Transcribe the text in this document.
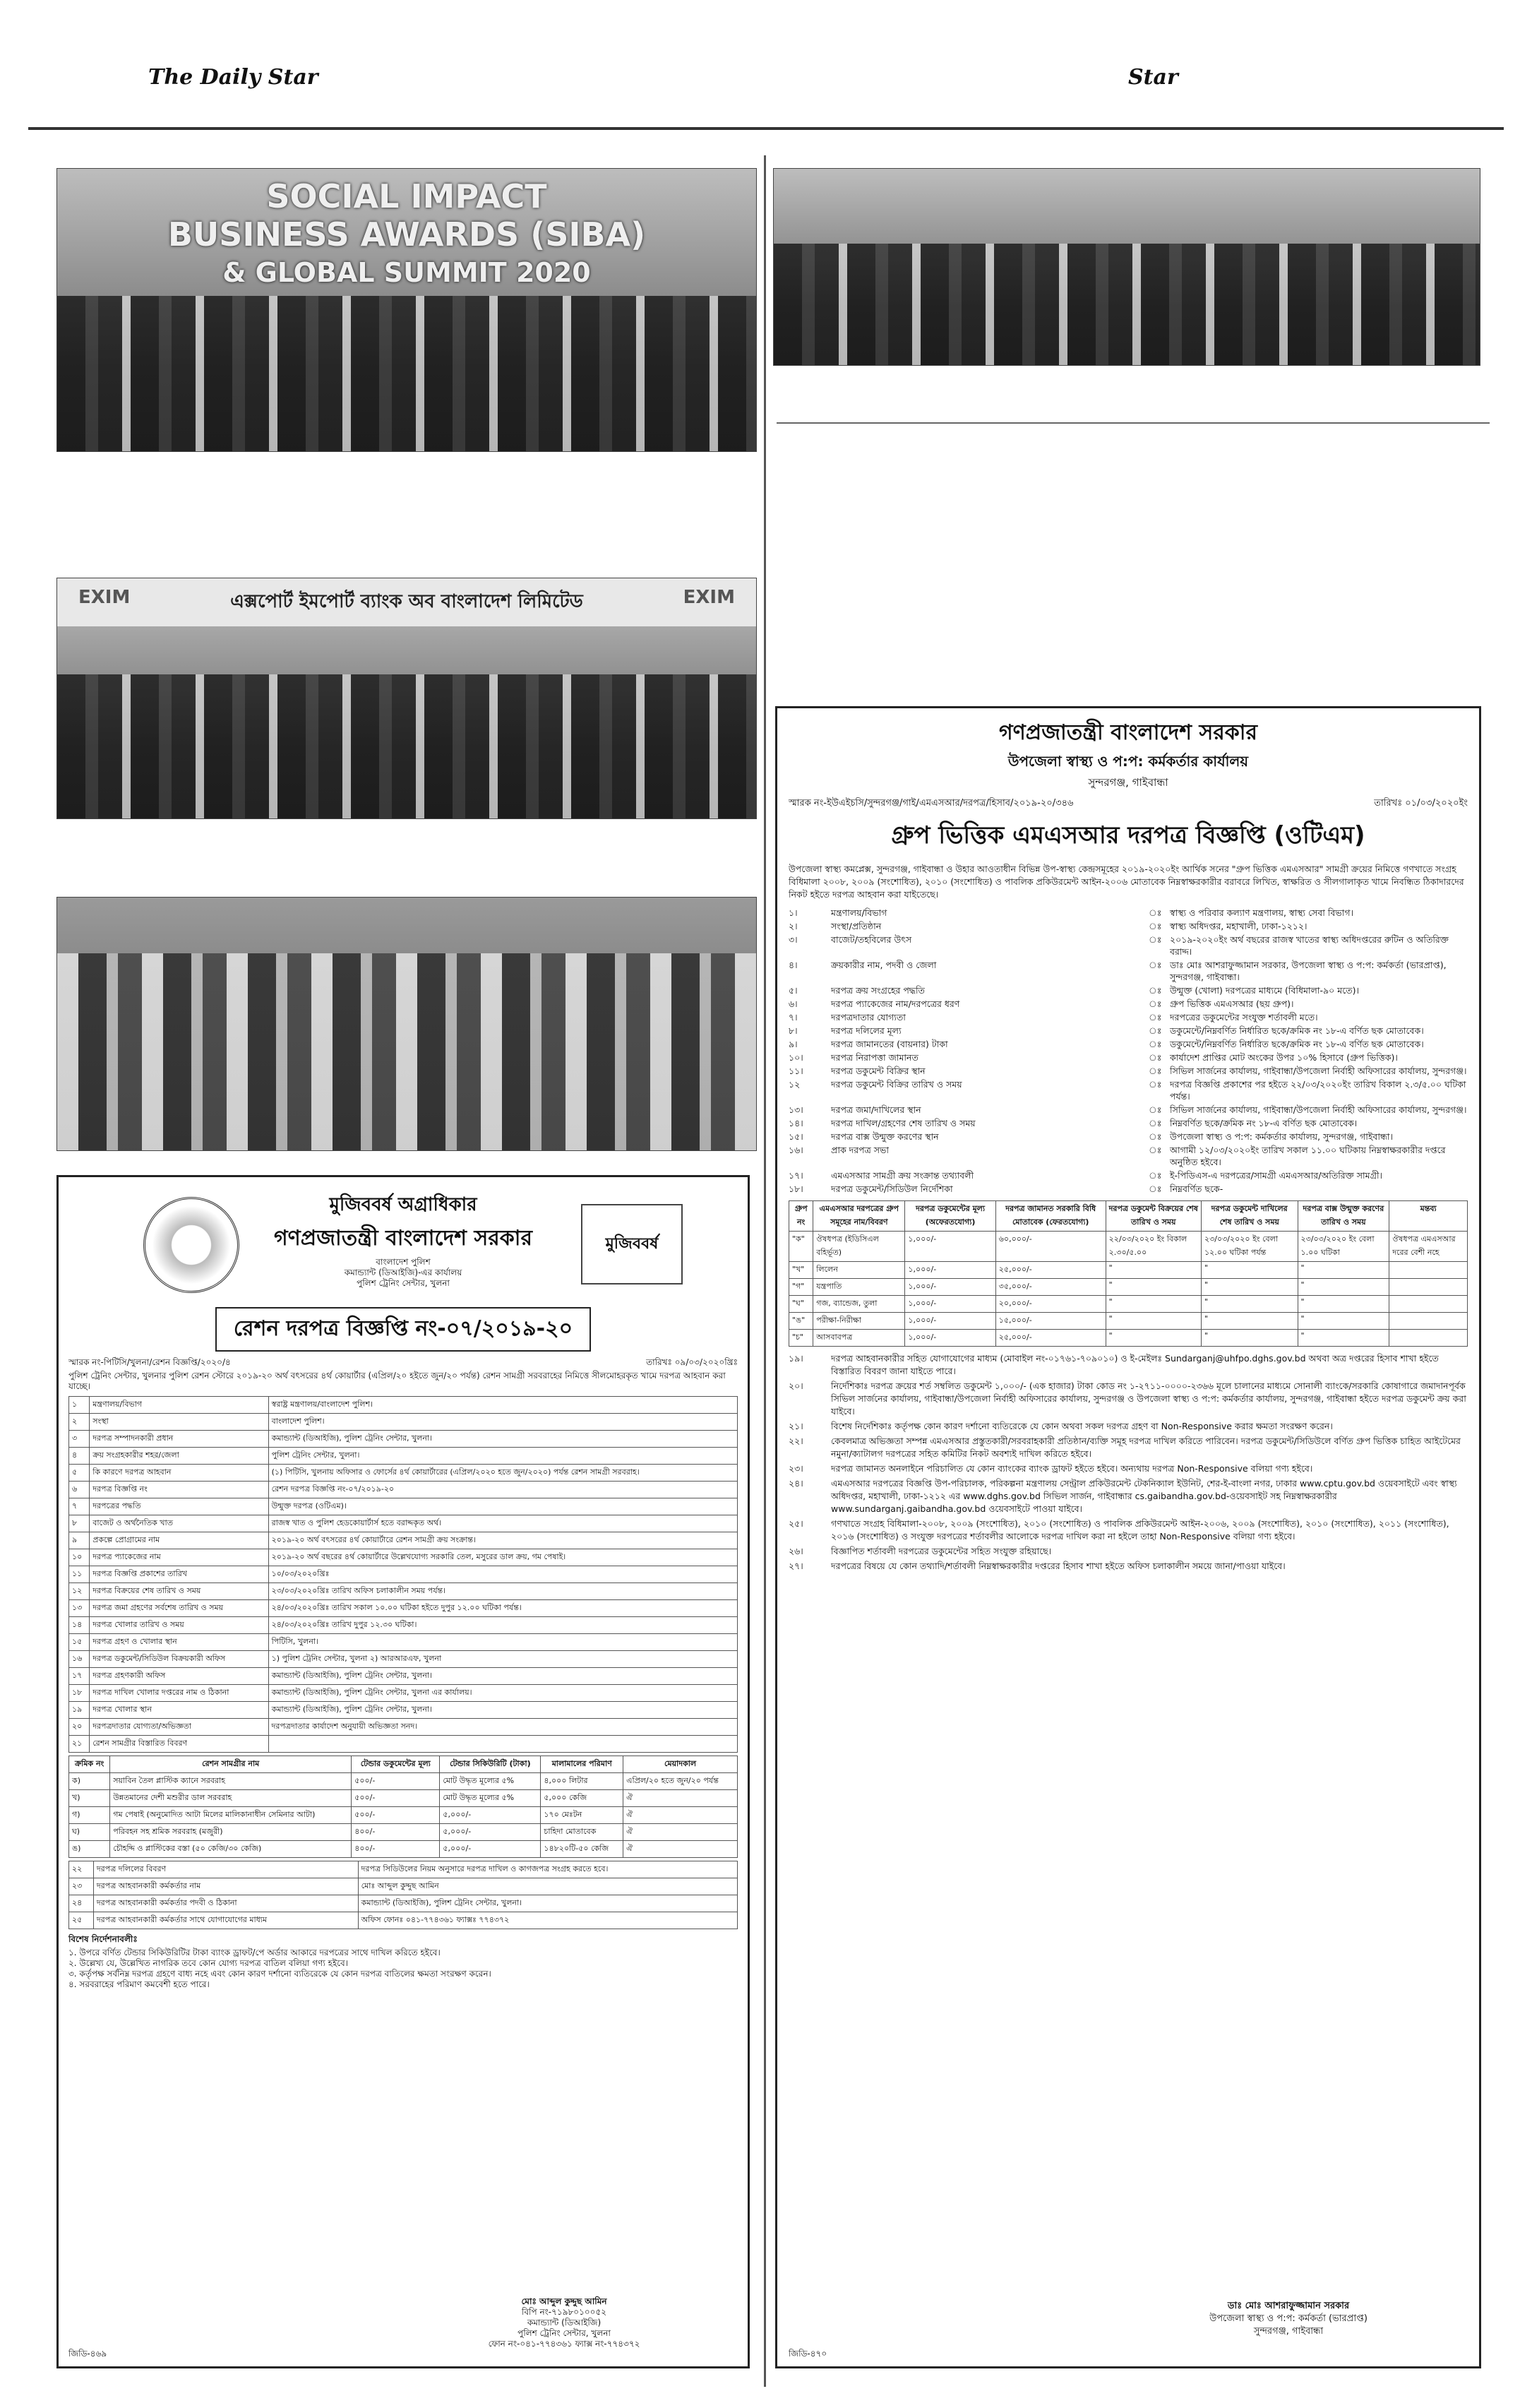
The Daily Star	Star
SOCIAL IMPACT
BUSINESS AWARDS (SIBA)
& GLOBAL SUMMIT 2020
EXIM	এক্সপোর্ট ইমপোর্ট ব্যাংক অব বাংলাদেশ লিমিটেড	EXIM
মুজিববর্ষ
মুজিববর্ষ অগ্রাধিকার
গণপ্রজাতন্ত্রী বাংলাদেশ সরকার
বাংলাদেশ পুলিশ
কমান্ড্যান্ট (ডিআইজি)-এর কার্যালয়
পুলিশ ট্রেনিং সেন্টার, খুলনা
রেশন দরপত্র বিজ্ঞপ্তি নং-০৭/২০১৯-২০
স্মারক নং-পিটিসি/খুলনা/রেশন বিজ্ঞপ্তি/২০২০/৪	তারিখঃ ০৯/০৩/২০২০খ্রিঃ
পুলিশ ট্রেনিং সেন্টার, খুলনার পুলিশ রেশন স্টোরে ২০১৯-২০ অর্থ বৎসরের ৪র্থ কোয়ার্টার (এপ্রিল/২০ হইতে জুন/২০ পর্যন্ত) রেশন সামগ্রী সরবরাহের নিমিত্তে সীলমোহরকৃত খামে দরপত্র আহবান করা যাচ্ছে।
১	মন্ত্রণালয়/বিভাগ	স্বরাষ্ট্র মন্ত্রণালয়/বাংলাদেশ পুলিশ।
২	সংস্থা	বাংলাদেশ পুলিশ।
৩	দরপত্র সম্পাদনকারী প্রধান	কমান্ড্যান্ট (ডিআইজি), পুলিশ ট্রেনিং সেন্টার, খুলনা।
৪	ক্রয় সংগ্রহকারীর শহর/জেলা	পুলিশ ট্রেনিং সেন্টার, খুলনা।
৫	কি কারণে দরপত্র আহবান	(১) পিটিসি, খুলনায় অফিসার ও ফোর্সের ৪র্থ কোয়ার্টারের (এপ্রিল/২০২০ হতে জুন/২০২০) পর্যন্ত রেশন সামগ্রী সরবরাহ।
৬	দরপত্র বিজ্ঞপ্তি নং	রেশন দরপত্র বিজ্ঞপ্তি নং-০৭/২০১৯-২০
৭	দরপত্রের পদ্ধতি	উন্মুক্ত দরপত্র (ওটিএম)।
৮	বাজেট ও অর্থনৈতিক খাত	রাজস্ব খাত ও পুলিশ হেডকোয়ার্টার্স হতে বরাদ্দকৃত অর্থ।
৯	প্রকল্পে প্রোগ্রামের নাম	২০১৯-২০ অর্থ বৎসরের ৪র্থ কোয়ার্টারে রেশন সামগ্রী ক্রয় সংক্রান্ত।
১০	দরপত্র প্যাকেজের নাম	২০১৯-২০ অর্থ বছরের ৪র্থ কোয়ার্টারে উল্লেখযোগ্য সরকারি তেল, মসুরের ডাল ক্রয়, গম পেষাই।
১১	দরপত্র বিজ্ঞপ্তি প্রকাশের তারিখ	১০/০৩/২০২০খ্রিঃ
১২	দরপত্র বিক্রয়ের শেষ তারিখ ও সময়	২৩/০৩/২০২০খ্রিঃ তারিখ অফিস চলাকালীন সময় পর্যন্ত।
১৩	দরপত্র জমা গ্রহণের সর্বশেষ তারিখ ও সময়	২৪/০৩/২০২০খ্রিঃ তারিখ সকাল ১০.০০ ঘটিকা হইতে দুপুর ১২.০০ ঘটিকা পর্যন্ত।
১৪	দরপত্র খোলার তারিখ ও সময়	২৪/০৩/২০২০খ্রিঃ তারিখ দুপুর ১২.৩০ ঘটিকা।
১৫	দরপত্র গ্রহণ ও খোলার স্থান	পিটিসি, খুলনা।
১৬	দরপত্র ডকুমেন্ট/সিডিউল বিক্রয়কারী অফিস	১) পুলিশ ট্রেনিং সেন্টার, খুলনা ২) আরআরএফ, খুলনা
১৭	দরপত্র গ্রহণকারী অফিস	কমান্ড্যান্ট (ডিআইজি), পুলিশ ট্রেনিং সেন্টার, খুলনা।
১৮	দরপত্র দাখিল খোলার দপ্তরের নাম ও ঠিকানা	কমান্ড্যান্ট (ডিআইজি), পুলিশ ট্রেনিং সেন্টার, খুলনা এর কার্যালয়।
১৯	দরপত্র খোলার স্থান	কমান্ড্যান্ট (ডিআইজি), পুলিশ ট্রেনিং সেন্টার, খুলনা।
২০	দরপত্রদাতার যোগ্যতা/অভিজ্ঞতা	দরপত্রদাতার কার্যাদেশ অনুযায়ী অভিজ্ঞতা সনদ।
২১	রেশন সামগ্রীর বিস্তারিত বিবরণ	
ক্রমিক নং	রেশন সামগ্রীর নাম	টেন্ডার ডকুমেন্টের মূল্য	টেন্ডার সিকিউরিটি (টাকা)	মালামালের পরিমাণ	মেয়াদকাল
ক)	সয়াবিন তৈল প্লাস্টিক ক্যানে সরবরাহ	৫০০/-	মোট উদ্ধৃত মূল্যের ৫%	৪,০০০ লিটার	এপ্রিল/২০ হতে জুন/২০ পর্যন্ত
খ)	উন্নতমানের দেশী মশুরীর ডাল সরবরাহ	৫০০/-	মোট উদ্ধৃত মূল্যের ৫%	৫,০০০ কেজি	ঐ
গ)	গম পেষাই (অনুমোদিত আটা মিলের মালিকানাধীন সেমিনার আটা)	৫০০/-	৫,০০০/-	১৭০ মেঃটন	ঐ
ঘ)	পরিবহন সহ শ্রমিক সরবরাহ (মজুরী)	৪০০/-	৫,০০০/-	চাহিদা মোতাবেক	ঐ
ঙ)	চৌহদ্দি ও প্লাস্টিকের বস্তা (৫০ কেজি/৩০ কেজি)	৪০০/-	৫,০০০/-	১৪৮২০টি-৫০ কেজি	ঐ
২২	দরপত্র দলিলের বিবরণ	দরপত্র সিডিউলের নিয়ম অনুসারে দরপত্র দাখিল ও কাগজপত্র সংগ্রহ করতে হবে।
২৩	দরপত্র আহবানকারী কর্মকর্তার নাম	মোঃ আব্দুল কুদ্দুছ আমিন
২৪	দরপত্র আহবানকারী কর্মকর্তার পদবী ও ঠিকানা	কমান্ড্যান্ট (ডিআইজি), পুলিশ ট্রেনিং সেন্টার, খুলনা।
২৫	দরপত্র আহবানকারী কর্মকর্তার সাথে যোগাযোগের মাধ্যম	অফিস ফোনঃ ০৪১-৭৭৪৩৬১ ফ্যাক্সঃ ৭৭৪৩৭২
বিশেষ নির্দেশনাবলীঃ
১. উপরে বর্ণিত টেন্ডার সিকিউরিটির টাকা ব্যাংক ড্রাফট/পে অর্ডার আকারে দরপত্রের সাথে দাখিল করিতে হইবে।
২. উল্লেখ্য যে, উল্লেখিত নাগরিক তবে কোন যোগ্য দরপত্র বাতিল বলিয়া গণ্য হইবে।
৩. কর্তৃপক্ষ সর্বনিম্ন দরপত্র গ্রহণে বাধ্য নহে এবং কোন কারণ দর্শানো ব্যতিরেকে যে কোন দরপত্র বাতিলের ক্ষমতা সংরক্ষণ করেন।
৪. সরবরাহের পরিমাণ কমবেশী হতে পারে।
মোঃ আব্দুল কুদ্দুছ আমিন
বিপি নং-৭১৯৮০১০০৫২
কমান্ড্যান্ট (ডিআইজি)
পুলিশ ট্রেনিং সেন্টার, খুলনা
ফোন নং-০৪১-৭৭৪৩৬১ ফ্যাক্স নং-৭৭৪৩৭২
জিডি-৪৬৯
গণপ্রজাতন্ত্রী বাংলাদেশ সরকার
উপজেলা স্বাস্থ্য ও প:প: কর্মকর্তার কার্যালয়
সুন্দরগঞ্জ, গাইবান্ধা
স্মারক নং-ইউএইচসি/সুন্দরগঞ্জ/গাই/এমএসআর/দরপত্র/হিসাব/২০১৯-২০/৩৪৬	তারিখঃ ০১/০৩/২০২০ইং
গ্রুপ ভিত্তিক এমএসআর দরপত্র বিজ্ঞপ্তি (ওটিএম)
উপজেলা স্বাস্থ্য কমপ্লেক্স, সুন্দরগঞ্জ, গাইবান্ধা ও উহার আওতাধীন বিভিন্ন উপ-স্বাস্থ্য কেন্দ্রসমূহের ২০১৯-২০২০ইং আর্থিক সনের "গ্রুপ ভিত্তিক এমএসআর" সামগ্রী ক্রয়ের নিমিত্তে গণখাতে সংগ্রহ বিধিমালা ২০০৮, ২০০৯ (সংশোধিত), ২০১০ (সংশোধিত) ও পাবলিক প্রকিউরমেন্ট আইন-২০০৬ মোতাবেক নিম্নস্বাক্ষরকারীর বরাবরে লিখিত, স্বাক্ষরিত ও সীলগালাকৃত খামে নিবন্ধিত ঠিকাদারদের নিকট হইতে দরপত্র আহবান করা যাইতেছে।
১।	মন্ত্রণালয়/বিভাগ	ঃ স্বাস্থ্য ও পরিবার কল্যাণ মন্ত্রণালয়, স্বাস্থ্য সেবা বিভাগ।
২।	সংস্থা/প্রতিষ্ঠান	ঃ স্বাস্থ্য অধিদপ্তর, মহাখালী, ঢাকা-১২১২।
৩।	বাজেট/তহবিলের উৎস	ঃ ২০১৯-২০২০ইং অর্থ বছরের রাজস্ব খাতের স্বাস্থ্য অধিদপ্তরের রুটিন ও অতিরিক্ত বরাদ্দ।
৪।	ক্রয়কারীর নাম, পদবী ও জেলা	ঃ ডাঃ মোঃ আশরাফুজ্জামান সরকার, উপজেলা স্বাস্থ্য ও প:প: কর্মকর্তা (ভারপ্রাপ্ত), সুন্দরগঞ্জ, গাইবান্ধা।
৫।	দরপত্র ক্রয় সংগ্রহের পদ্ধতি	ঃ উন্মুক্ত (খোলা) দরপত্রের মাধ্যমে (বিধিমালা-৯০ মতে)।
৬।	দরপত্র প্যাকেজের নাম/দরপত্রের ধরণ	ঃ গ্রুপ ভিত্তিক এমএসআর (ছয় গ্রুপ)।
৭।	দরপত্রদাতার যোগ্যতা	ঃ দরপত্রের ডকুমেন্টের সংযুক্ত শর্তাবলী মতে।
৮।	দরপত্র দলিলের মূল্য	ঃ ডকুমেন্টে/নিম্নবর্ণিত নির্ধারিত ছকে/ক্রমিক নং ১৮-এ বর্ণিত ছক মোতাবেক।
৯।	দরপত্র জামানতের (বায়নার) টাকা	ঃ ডকুমেন্টে/নিম্নবর্ণিত নির্ধারিত ছকে/ক্রমিক নং ১৮-এ বর্ণিত ছক মোতাবেক।
১০।	দরপত্র নিরাপত্তা জামানত	ঃ কার্যাদেশ প্রাপ্তির মোট অংকের উপর ১০% হিসাবে (গ্রুপ ভিত্তিক)।
১১।	দরপত্র ডকুমেন্ট বিক্রির স্থান	ঃ সিভিল সার্জনের কার্যালয়, গাইবান্ধা/উপজেলা নির্বাহী অফিসারের কার্যালয়, সুন্দরগঞ্জ।
১২	দরপত্র ডকুমেন্ট বিক্রির তারিখ ও সময়	ঃ দরপত্র বিজ্ঞপ্তি প্রকাশের পর হইতে ২২/০৩/২০২০ইং তারিখ বিকাল ২.৩/৫.০০ ঘটিকা পর্যন্ত।
১৩।	দরপত্র জমা/দাখিলের স্থান	ঃ সিভিল সার্জনের কার্যালয়, গাইবান্ধা/উপজেলা নির্বাহী অফিসারের কার্যালয়, সুন্দরগঞ্জ।
১৪।	দরপত্র দাখিল/গ্রহণের শেষ তারিখ ও সময়	ঃ নিম্নবর্ণিত ছকে/ক্রমিক নং ১৮-এ বর্ণিত ছক মোতাবেক।
১৫।	দরপত্র বাক্স উন্মুক্ত করণের স্থান	ঃ উপজেলা স্বাস্থ্য ও প:প: কর্মকর্তার কার্যালয়, সুন্দরগঞ্জ, গাইবান্ধা।
১৬।	প্রাক দরপত্র সভা	ঃ আগামী ১২/০৩/২০২০ইং তারিখ সকাল ১১.০০ ঘটিকায় নিম্নস্বাক্ষরকারীর দপ্তরে অনুষ্ঠিত হইবে।
১৭।	এমএসআর সামগ্রী ক্রয় সংক্রান্ত তথ্যাবলী	ঃ ই-পিডিএস-এ দরপত্রের/সামগ্রী এমএসআর/অতিরিক্ত সামগ্রী।
১৮।	দরপত্র ডকুমেন্ট/সিডিউল নির্দেশিকা	ঃ নিম্নবর্ণিত ছকে-
গ্রুপ নং	এমএসআর দরপত্রের গ্রুপ সমূহের নাম/বিবরণ	দরপত্র ডকুমেন্টের মূল্য (অফেরতযোগ্য)	দরপত্র জামানত সরকারি বিধি মোতাবেক (ফেরতযোগ্য)	দরপত্র ডকুমেন্ট বিক্রয়ের শেষ তারিখ ও সময়	দরপত্র ডকুমেন্ট দাখিলের শেষ তারিখ ও সময়	দরপত্র বাক্স উন্মুক্ত করণের তারিখ ও সময়	মন্তব্য
"ক"	ঔষধপত্র (ইডিসিএল বহির্ভূত)	১,০০০/-	৬০,০০০/-	২২/০৩/২০২০ ইং বিকাল ২.৩০/৫.০০	২৩/০৩/২০২০ ইং বেলা ১২.০০ ঘটিকা পর্যন্ত	২৩/০৩/২০২০ ইং বেলা ১.০০ ঘটিকা	ঔষধপত্র এমএসআর দরের বেশী নহে
"খ"	লিলেন	১,০০০/-	২৫,০০০/-	"	"	"	
"গ"	যন্ত্রপাতি	১,০০০/-	৩৫,০০০/-	"	"	"	
"ঘ"	গজ, ব্যান্ডেজ, তুলা	১,০০০/-	২০,০০০/-	"	"	"	
"ঙ"	পরীক্ষা-নিরীক্ষা	১,০০০/-	১৫,০০০/-	"	"	"	
"চ"	আসবাবপত্র	১,০০০/-	২৫,০০০/-	"	"	"	
১৯।	দরপত্র আহবানকারীর সহিত যোগাযোগের মাধ্যম (মোবাইল নং-০১৭৬১-৭০৯০১০) ও ই-মেইলঃ Sundarganj@uhfpo.dghs.gov.bd অথবা অত্র দপ্তরের হিসাব শাখা হইতে বিস্তারিত বিবরণ জানা যাইতে পারে।
২০।	নির্দেশিকাঃ দরপত্র ক্রয়ের শর্ত সম্বলিত ডকুমেন্ট ১,০০০/- (এক হাজার) টাকা কোড নং ১-২৭১১-০০০০-২৩৬৬ মূলে চালানের মাধ্যমে সোনালী ব্যাংকে/সরকারি কোষাগারে জমাদানপূর্বক সিভিল সার্জনের কার্যালয়, গাইবান্ধা/উপজেলা নির্বাহী অফিসারের কার্যালয়, সুন্দরগঞ্জ ও উপজেলা স্বাস্থ্য ও প:প: কর্মকর্তার কার্যালয়, সুন্দরগঞ্জ, গাইবান্ধা হইতে দরপত্র ডকুমেন্ট ক্রয় করা যাইবে।
২১।	বিশেষ নির্দেশিকাঃ কর্তৃপক্ষ কোন কারণ দর্শানো ব্যতিরেকে যে কোন অথবা সকল দরপত্র গ্রহণ বা Non-Responsive করার ক্ষমতা সংরক্ষণ করেন।
২২।	কেবলমাত্র অভিজ্ঞতা সম্পন্ন এমএসআর প্রস্তুতকারী/সরবরাহকারী প্রতিষ্ঠান/ব্যক্তি সমূহ দরপত্র দাখিল করিতে পারিবেন। দরপত্র ডকুমেন্ট/সিডিউলে বর্ণিত গ্রুপ ভিত্তিক চাহিত আইটেমের নমুনা/ক্যাটালগ দরপত্রের সহিত কমিটির নিকট অবশ্যই দাখিল করিতে হইবে।
২৩।	দরপত্র জামানত অনলাইনে পরিচালিত যে কোন ব্যাংকের ব্যাংক ড্রাফট হইতে হইবে। অন্যথায় দরপত্র Non-Responsive বলিয়া গণ্য হইবে।
২৪।	এমএসআর দরপত্রের বিজ্ঞপ্তি উপ-পরিচালক, পরিকল্পনা মন্ত্রণালয় সেন্ট্রাল প্রকিউরমেন্ট টেকনিক্যাল ইউনিট, শের-ই-বাংলা নগর, ঢাকার www.cptu.gov.bd ওয়েবসাইটে এবং স্বাস্থ্য অধিদপ্তর, মহাখালী, ঢাকা-১২১২ এর www.dghs.gov.bd সিভিল সার্জন, গাইবান্ধার cs.gaibandha.gov.bd-ওয়েবসাইট সহ নিম্নস্বাক্ষরকারীর www.sundarganj.gaibandha.gov.bd ওয়েবসাইটে পাওয়া যাইবে।
২৫।	গণখাতে সংগ্রহ বিধিমালা-২০০৮, ২০০৯ (সংশোধিত), ২০১০ (সংশোধিত) ও পাবলিক প্রকিউরমেন্ট আইন-২০০৬, ২০০৯ (সংশোধিত), ২০১০ (সংশোধিত), ২০১১ (সংশোধিত), ২০১৬ (সংশোধিত) ও সংযুক্ত দরপত্রের শর্তাবলীর আলোকে দরপত্র দাখিল করা না হইলে তাহা Non-Responsive বলিয়া গণ্য হইবে।
২৬।	বিজ্ঞাপিত শর্তাবলী দরপত্রের ডকুমেন্টের সহিত সংযুক্ত রহিয়াছে।
২৭।	দরপত্রের বিষয়ে যে কোন তথ্যাদি/শর্তাবলী নিম্নস্বাক্ষরকারীর দপ্তরের হিসাব শাখা হইতে অফিস চলাকালীন সময়ে জানা/পাওয়া যাইবে।
ডাঃ মোঃ আশরাফুজ্জামান সরকার
উপজেলা স্বাস্থ্য ও প:প: কর্মকর্তা (ভারপ্রাপ্ত)
সুন্দরগঞ্জ, গাইবান্ধা
জিডি-৪৭০
